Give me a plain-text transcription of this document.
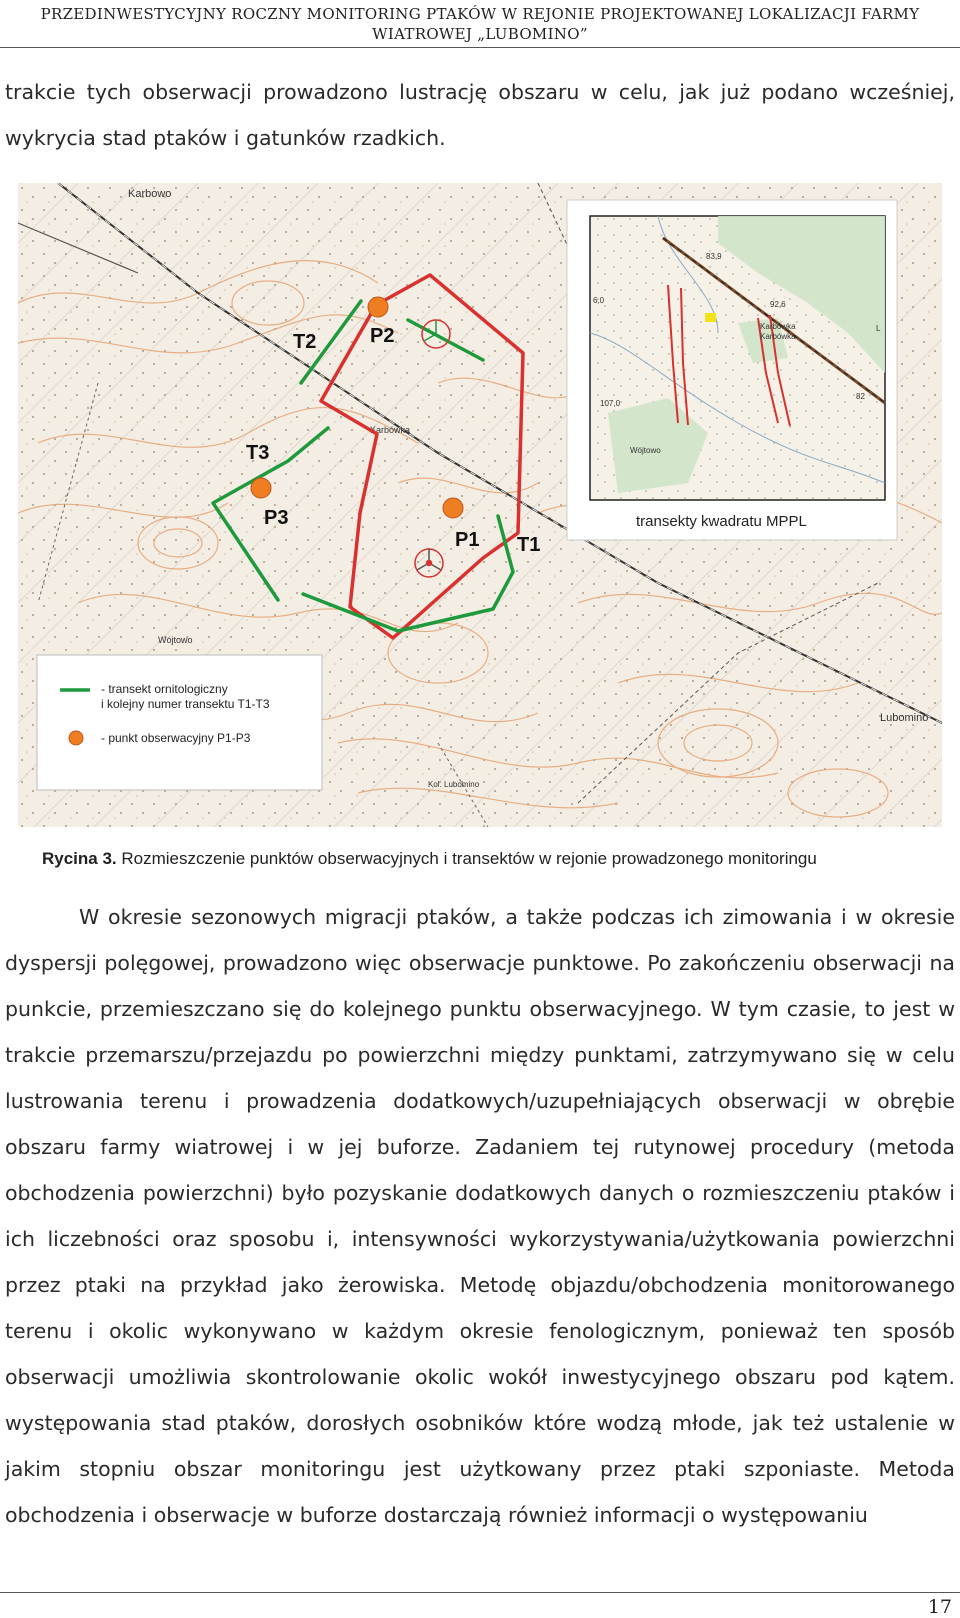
PRZEDINWESTYCYJNY ROCZNY MONITORING PTAKÓW W REJONIE PROJEKTOWANEJ LOKALIZACJI FARMY
WIATROWEJ „LUBOMINO”
trakcie tych obserwacji prowadzono lustrację obszaru w celu, jak już podano wcześniej, wykrycia stad ptaków i gatunków rzadkich.
Karbowo
Karbówka
Wójtowo
Lubomino
Kol. Lubomino
T2	P2
T3
P3
P1 T1
83,9
92,6
Karbówka
Karbówka
6,0
107,0
Wójtowo
82
L
transekty kwadratu MPPL
- transekt ornitologiczny
i kolejny numer transektu T1-T3
- punkt obserwacyjny P1-P3
Rycina 3. Rozmieszczenie punktów obserwacyjnych i transektów w rejonie prowadzonego monitoringu
W okresie sezonowych migracji ptaków, a także podczas ich zimowania i w okresie dyspersji polęgowej, prowadzono więc obserwacje punktowe. Po zakończeniu obserwacji na punkcie, przemieszczano się do kolejnego punktu obserwacyjnego. W tym czasie, to jest w trakcie przemarszu/przejazdu po powierzchni między punktami, zatrzymywano się w celu lustrowania terenu i prowadzenia dodatkowych/uzupełniających obserwacji w obrębie obszaru farmy wiatrowej i w jej buforze. Zadaniem tej rutynowej procedury (metoda obchodzenia powierzchni) było pozyskanie dodatkowych danych o rozmieszczeniu ptaków i ich liczebności oraz sposobu i, intensywności wykorzystywania/użytkowania powierzchni przez ptaki na przykład jako żerowiska. Metodę objazdu/obchodzenia monitorowanego terenu i okolic wykonywano w każdym okresie fenologicznym, ponieważ ten sposób obserwacji umożliwia skontrolowanie okolic wokół inwestycyjnego obszaru pod kątem. występowania stad ptaków, dorosłych osobników które wodzą młode, jak też ustalenie w jakim stopniu obszar monitoringu jest użytkowany przez ptaki szponiaste. Metoda obchodzenia i obserwacje w buforze dostarczają również informacji o występowaniu
17
